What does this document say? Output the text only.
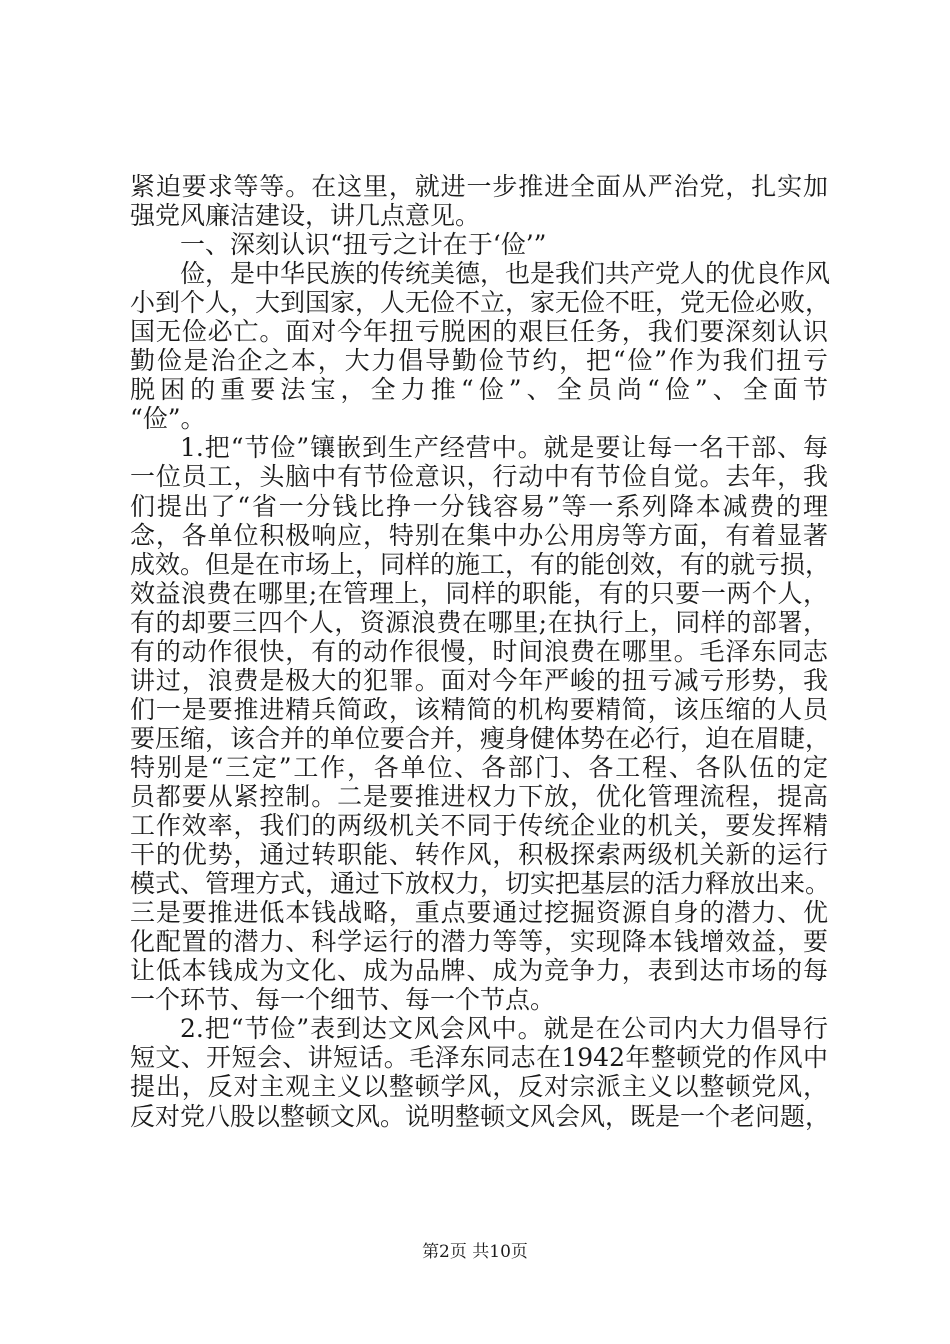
紧迫要求等等。在这里，就进一步推进全面从严治党，扎实加
强党风廉洁建设，讲几点意见。
一、深刻认识“扭亏之计在于‘俭’”
俭，是中华民族的传统美德，也是我们共产党人的优良作风
小到个人，大到国家，人无俭不立，家无俭不旺，党无俭必败，
国无俭必亡。面对今年扭亏脱困的艰巨任务，我们要深刻认识
勤俭是治企之本，大力倡导勤俭节约，把“俭”作为我们扭亏
脱困的重要法宝，全力推“俭”、全员尚“俭”、全面节
“俭”。
1.把“节俭”镶嵌到生产经营中。就是要让每一名干部、每
一位员工，头脑中有节俭意识，行动中有节俭自觉。去年，我
们提出了“省一分钱比挣一分钱容易”等一系列降本减费的理
念，各单位积极响应，特别在集中办公用房等方面，有着显著
成效。但是在市场上，同样的施工，有的能创效，有的就亏损，
效益浪费在哪里;在管理上，同样的职能，有的只要一两个人，
有的却要三四个人，资源浪费在哪里;在执行上，同样的部署，
有的动作很快，有的动作很慢，时间浪费在哪里。毛泽东同志
讲过，浪费是极大的犯罪。面对今年严峻的扭亏减亏形势，我
们一是要推进精兵简政，该精简的机构要精简，该压缩的人员
要压缩，该合并的单位要合并，瘦身健体势在必行，迫在眉睫，
特别是“三定”工作，各单位、各部门、各工程、各队伍的定
员都要从紧控制。二是要推进权力下放，优化管理流程，提高
工作效率，我们的两级机关不同于传统企业的机关，要发挥精
干的优势，通过转职能、转作风，积极探索两级机关新的运行
模式、管理方式，通过下放权力，切实把基层的活力释放出来。
三是要推进低本钱战略，重点要通过挖掘资源自身的潜力、优
化配置的潜力、科学运行的潜力等等，实现降本钱增效益，要
让低本钱成为文化、成为品牌、成为竞争力，表到达市场的每
一个环节、每一个细节、每一个节点。
2.把“节俭”表到达文风会风中。就是在公司内大力倡导行
短文、开短会、讲短话。毛泽东同志在1942年整顿党的作风中
提出，反对主观主义以整顿学风，反对宗派主义以整顿党风，
反对党八股以整顿文风。说明整顿文风会风，既是一个老问题，
第2页 共10页
